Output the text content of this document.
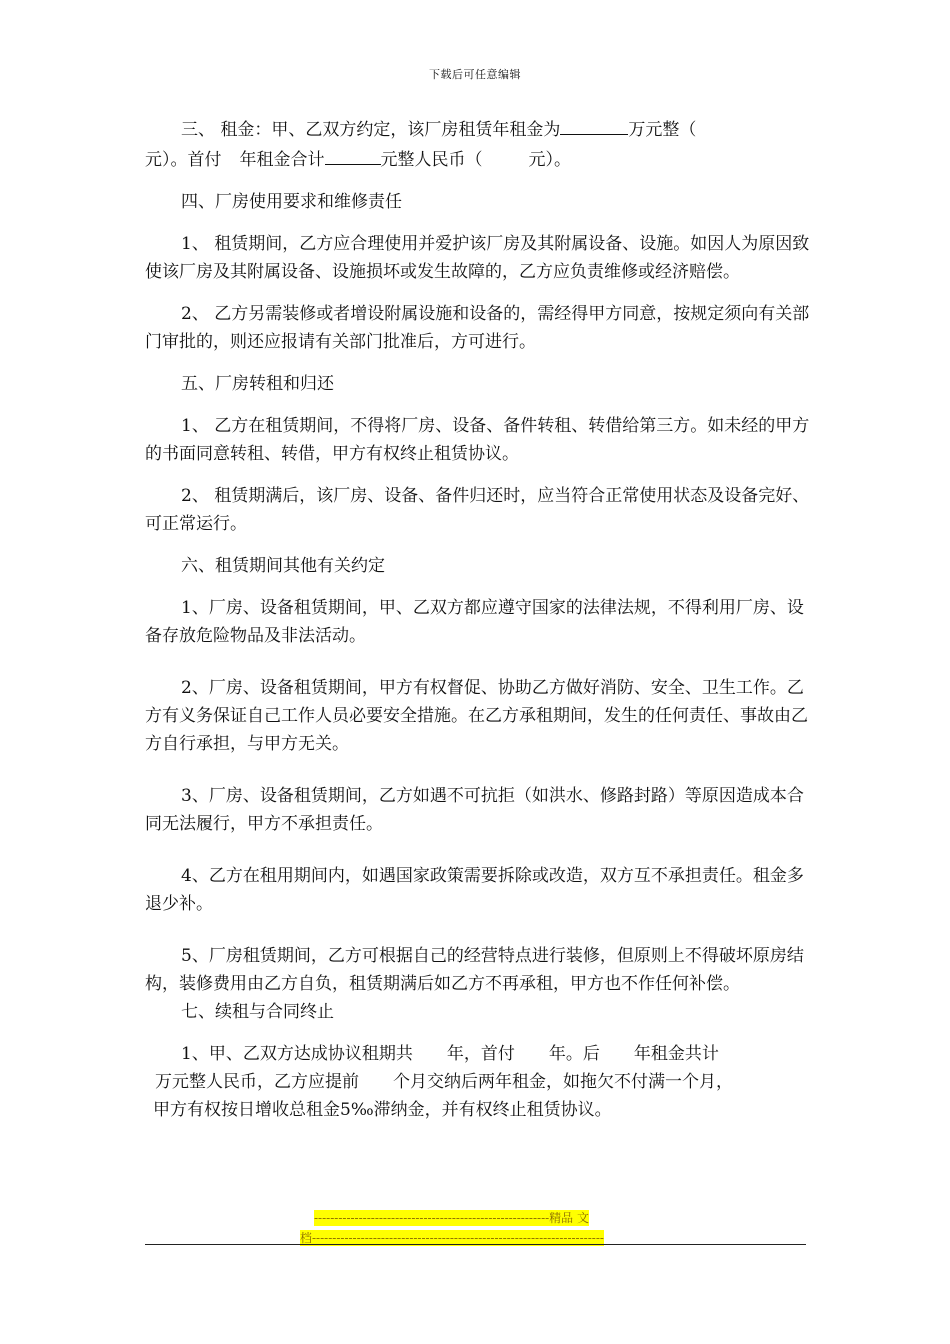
下载后可任意编辑
三、 租金：甲、乙双方约定，该厂房租赁年租金为	万元整（
元）。首付 年租金合计	元整人民币（	元）。

四、厂房使用要求和维修责任

1、 租赁期间，乙方应合理使用并爱护该厂房及其附属设备、设施。如因人为原因致使该厂房及其附属设备、设施损坏或发生故障的，乙方应负责维修或经济赔偿。

2、 乙方另需装修或者增设附属设施和设备的，需经得甲方同意，按规定须向有关部门审批的，则还应报请有关部门批准后，方可进行。

五、厂房转租和归还

1、 乙方在租赁期间，不得将厂房、设备、备件转租、转借给第三方。如未经的甲方的书面同意转租、转借，甲方有权终止租赁协议。

2、 租赁期满后，该厂房、设备、备件归还时，应当符合正常使用状态及设备完好、可正常运行。

六、租赁期间其他有关约定

1、厂房、设备租赁期间，甲、乙双方都应遵守国家的法律法规，不得利用厂房、设备存放危险物品及非法活动。

2、厂房、设备租赁期间，甲方有权督促、协助乙方做好消防、安全、卫生工作。乙方有义务保证自己工作人员必要安全措施。在乙方承租期间，发生的任何责任、事故由乙方自行承担，与甲方无关。

3、厂房、设备租赁期间，乙方如遇不可抗拒（如洪水、修路封路）等原因造成本合同无法履行，甲方不承担责任。

4、乙方在租用期间内，如遇国家政策需要拆除或改造，双方互不承担责任。租金多退少补。

5、厂房租赁期间，乙方可根据自己的经营特点进行装修，但原则上不得破坏原房结构，装修费用由乙方自负，租赁期满后如乙方不再承租，甲方也不作任何补偿。

七、续租与合同终止

1、甲、乙双方达成协议租期共　　年，首付　　年。后　　年租金共计
万元整人民币，乙方应提前　　个月交纳后两年租金，如拖欠不付满一个月，
甲方有权按日增收总租金5‰滞纳金，并有权终止租赁协议。
----------------------------------------------------------精品 文
档------------------------------------------------------------------------
